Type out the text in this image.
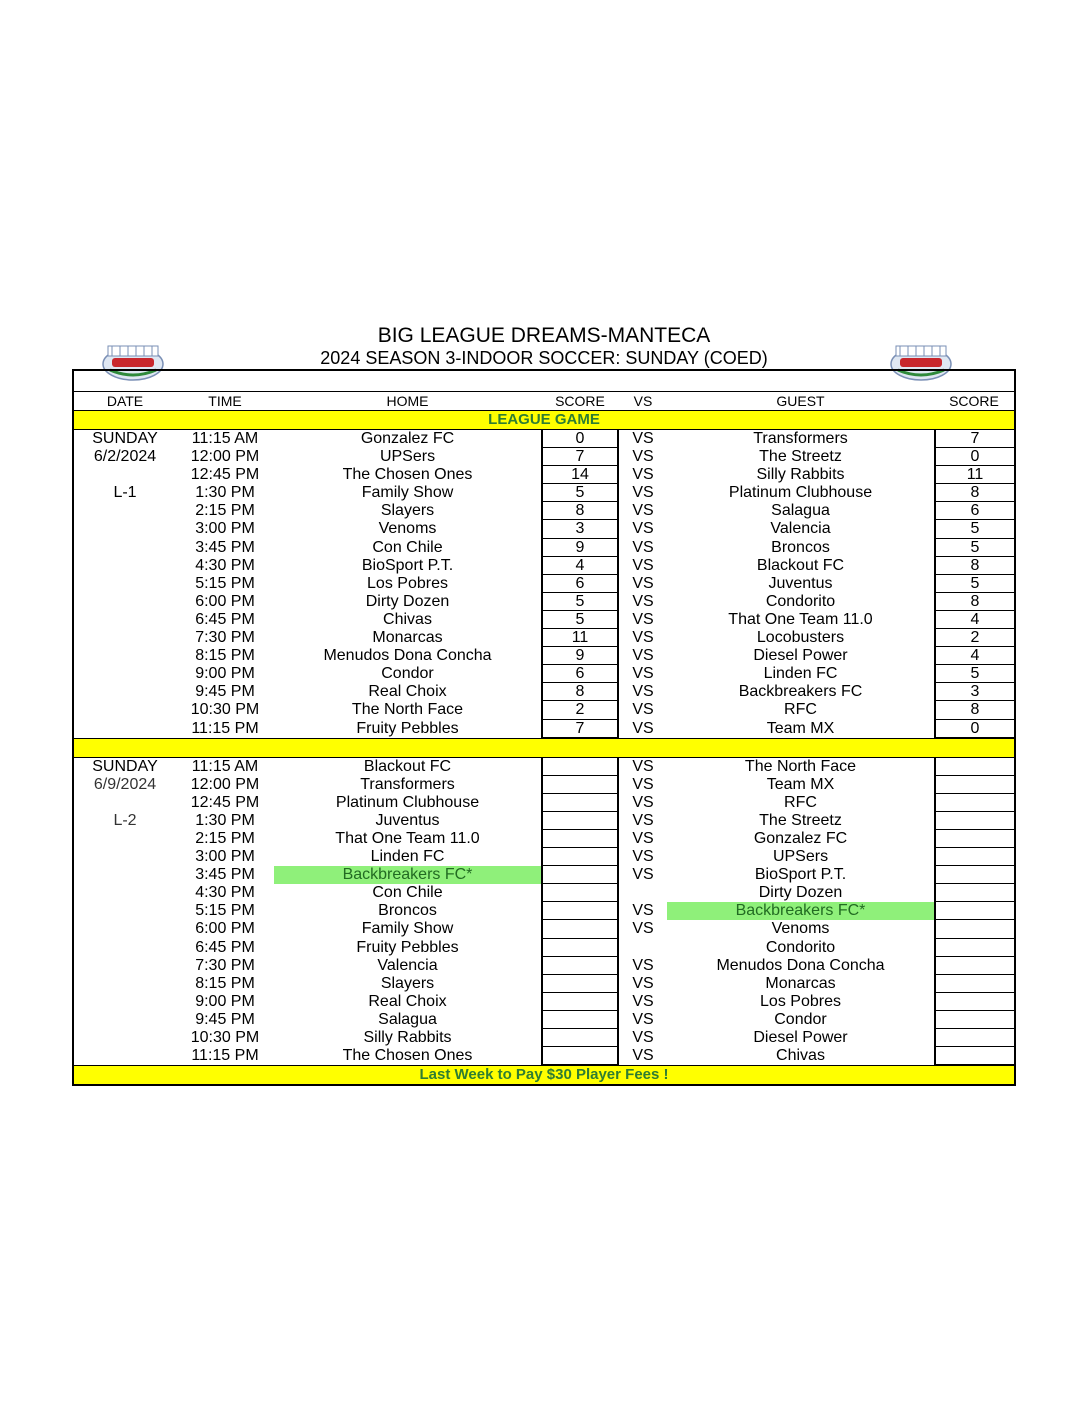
BIG LEAGUE DREAMS-MANTECA
2024 SEASON 3-INDOOR SOCCER: SUNDAY (COED)
DATE	TIME	HOME	SCORE	VS	GUEST	SCORE
LEAGUE GAME
SUNDAY	11:15 AM	Gonzalez FC	0	VS	Transformers	7
6/2/2024	12:00 PM	UPSers	7	VS	The Streetz	0
12:45 PM	The Chosen Ones	14	VS	Silly Rabbits	11
L-1	1:30 PM	Family Show	5	VS	Platinum Clubhouse	8
2:15 PM	Slayers	8	VS	Salagua	6
3:00 PM	Venoms	3	VS	Valencia	5
3:45 PM	Con Chile	9	VS	Broncos	5
4:30 PM	BioSport P.T.	4	VS	Blackout FC	8
5:15 PM	Los Pobres	6	VS	Juventus	5
6:00 PM	Dirty Dozen	5	VS	Condorito	8
6:45 PM	Chivas	5	VS	That One Team 11.0	4
7:30 PM	Monarcas	11	VS	Locobusters	2
8:15 PM	Menudos Dona Concha	9	VS	Diesel Power	4
9:00 PM	Condor	6	VS	Linden FC	5
9:45 PM	Real Choix	8	VS	Backbreakers FC	3
10:30 PM	The North Face	2	VS	RFC	8
11:15 PM	Fruity Pebbles	7	VS	Team MX	0
SUNDAY	11:15 AM	Blackout FC	VS	The North Face
6/9/2024	12:00 PM	Transformers	VS	Team MX
12:45 PM	Platinum Clubhouse	VS	RFC
L-2	1:30 PM	Juventus	VS	The Streetz
2:15 PM	That One Team 11.0	VS	Gonzalez FC
3:00 PM	Linden FC	VS	UPSers
3:45 PM	Backbreakers FC*	VS	BioSport P.T.
4:30 PM	Con Chile	Dirty Dozen
5:15 PM	Broncos	VS	Backbreakers FC*
6:00 PM	Family Show	VS	Venoms
6:45 PM	Fruity Pebbles	Condorito
7:30 PM	Valencia	VS	Menudos Dona Concha
8:15 PM	Slayers	VS	Monarcas
9:00 PM	Real Choix	VS	Los Pobres
9:45 PM	Salagua	VS	Condor
10:30 PM	Silly Rabbits	VS	Diesel Power
11:15 PM	The Chosen Ones	VS	Chivas
Last Week to Pay $30 Player Fees !
